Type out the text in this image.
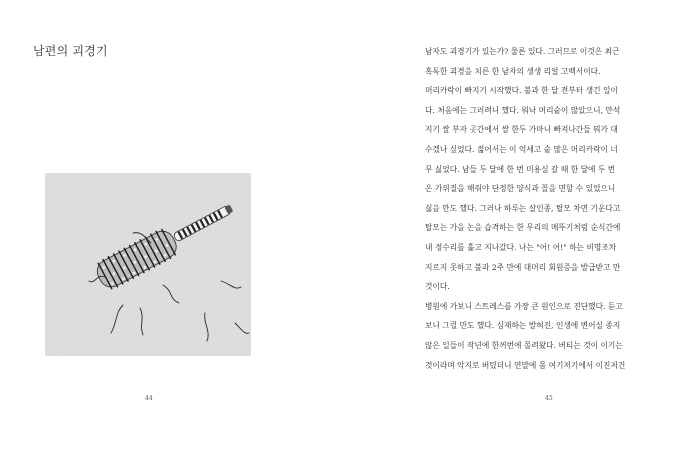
남편의 괴경기
44

남자도 괴경기가 있는가? 물론 있다. 그러므로 이것은 최근
혹독한 괴경을 치른 한 남자의 생생 리얼 고백서이다.

머리카락이 빠지기 시작했다. 불과 한 달 전부터 생긴 일이
다. 처음에는 그러려니 했다. 워낙 머리숱이 많았으니, 만석
지기 쌀 부자 곳간에서 쌀 한두 가마니 빠져나간들 뭐가 대
수겠나 싶었다. 젊어서는 이 억세고 숱 많은 머리카락이 너
무 싫었다. 남들 두 달에 한 번 미용실 갈 때 한 달에 두 번
은 가위질을 해줘야 단정한 양식과 꼴을 면할 수 있었으니
싫을 만도 했다. 그러나 하루는 살인종, 탈모 차면 기운다고
탈모는 가을 논을 습격하는 한 무리의 메뚜기처럼 순식간에
내 정수리를 훑고 지나갔다. 나는 "어! 어!" 하는 비명조차
지르지 못하고 불과 2주 만에 대머리 회원증을 발급받고 만
것이다.

병원에 가보니 스트레스를 가장 큰 원인으로 진단했다. 듣고
보니 그럴 만도 했다. 심재하는 발혀진, 인생에 변어실 종지
않은 일들이 작년에 한꺼번에 몰려왔다. 버티는 것이 이기는
것이라며 악지로 버텼더니 연말에 몸 여기저기에서 이진저건

45
